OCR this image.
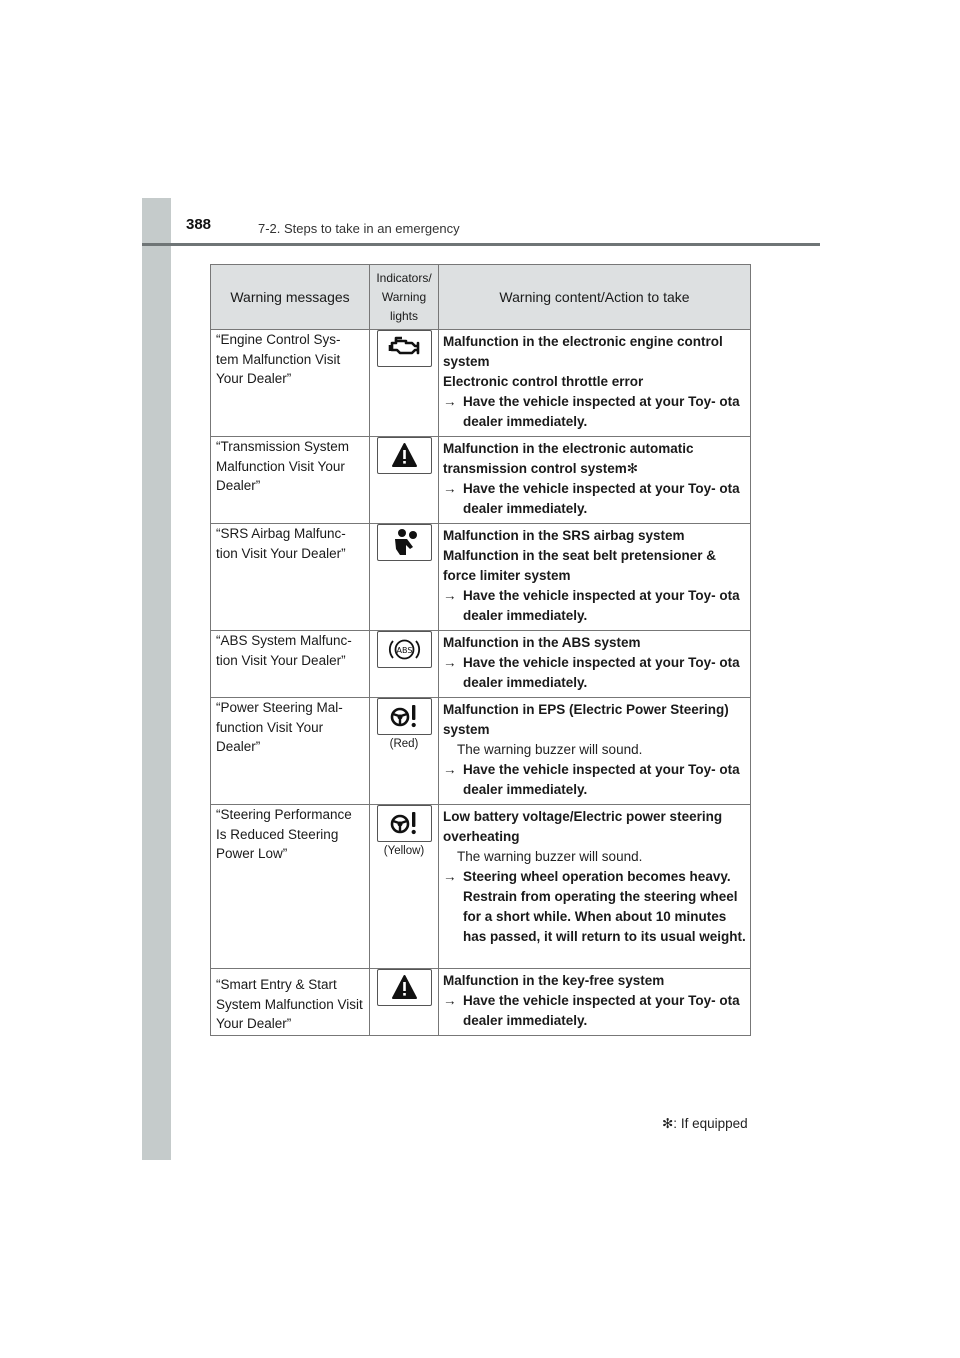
388	7-2. Steps to take in an emergency
Warning messages	Indicators/ Warning lights	Warning content/Action to take
“Engine Control Sys- tem Malfunction Visit Your Dealer”		Malfunction in the electronic engine control system
Electronic control throttle error
→ Have the vehicle inspected at your Toy- ota dealer immediately.

“Transmission System Malfunction Visit Your Dealer”		Malfunction in the electronic automatic transmission control system✻
→ Have the vehicle inspected at your Toy- ota dealer immediately.

“SRS Airbag Malfunc- tion Visit Your Dealer”		Malfunction in the SRS airbag system
Malfunction in the seat belt pretensioner & force limiter system
→ Have the vehicle inspected at your Toy- ota dealer immediately.

“ABS System Malfunc- tion Visit Your Dealer”	ABS	Malfunction in the ABS system
→ Have the vehicle inspected at your Toy- ota dealer immediately.

“Power Steering Mal- function Visit Your Dealer”	(Red)	Malfunction in EPS (Electric Power Steering) system
The warning buzzer will sound.
→ Have the vehicle inspected at your Toy- ota dealer immediately.

“Steering Performance Is Reduced Steering Power Low”	(Yellow)	Low battery voltage/Electric power steering overheating
The warning buzzer will sound.
→ Steering wheel operation becomes heavy. Restrain from operating the steering wheel for a short while. When about 10 minutes has passed, it will return to its usual weight.

“Smart Entry & Start System Malfunction Visit Your Dealer”		Malfunction in the key-free system
→ Have the vehicle inspected at your Toy- ota dealer immediately.
✻: If equipped
